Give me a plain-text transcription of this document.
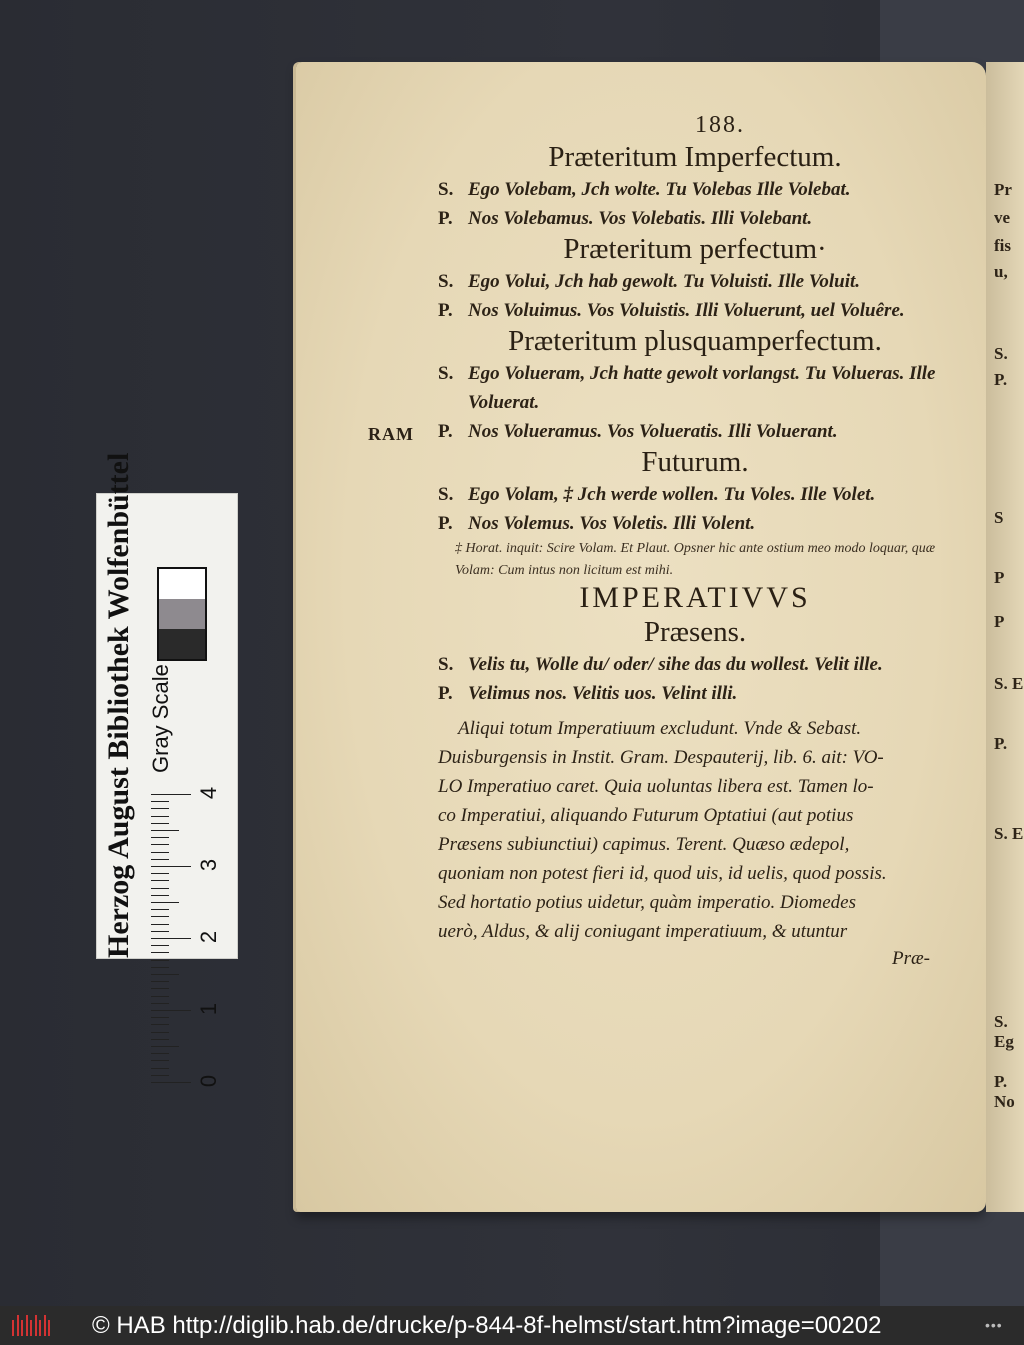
Pr
ve
fis
u,
S.
P.
S
P
P
S. E
P.
S. E
S. Eg
P. No
RAM
188.
Præteritum Imperfectum.
S. Ego Volebam, Jch wolte. Tu Volebas Ille Volebat.
P. Nos Volebamus. Vos Volebatis. Illi Volebant.
Præteritum perfectum·
S. Ego Volui, Jch hab gewolt. Tu Voluisti. Ille Voluit.
P. Nos Voluimus. Vos Voluistis. Illi Voluerunt, uel Voluêre.
Præteritum plusquamperfectum.
S. Ego Volueram, Jch hatte gewolt vorlangst. Tu Volueras. Ille Voluerat.
P. Nos Volueramus. Vos Volueratis. Illi Voluerant.
Futurum.
S. Ego Volam, ‡ Jch werde wollen. Tu Voles. Ille Volet.
P. Nos Volemus. Vos Voletis. Illi Volent.
‡ Horat. inquit: Scire Volam. Et Plaut. Opsner hic ante ostium meo modo loquar, quæ Volam: Cum intus non licitum est mihi.
IMPERATIVVS
Præsens.
S. Velis tu, Wolle du/ oder/ sihe das du wollest. Velit ille.
P. Velimus nos. Velitis uos. Velint illi.
Aliqui totum Imperatiuum excludunt. Vnde & Sebast.
Duisburgensis in Instit. Gram. Despauterij, lib. 6. ait: VO-
LO Imperatiuo caret. Quia uoluntas libera est. Tamen lo-
co Imperatiui, aliquando Futurum Optatiui (aut potius
Præsens subiunctiui) capimus. Terent. Quæso ædepol,
quoniam non potest fieri id, quod uis, id uelis, quod possis.
Sed hortatio potius uidetur, quàm imperatio. Diomedes
uerò, Aldus, & alij coniugant imperatiuum, & utuntur
Præ-
Herzog August Bibliothek Wolfenbüttel Gray Scale
0
1
2
3
4
© HAB http://diglib.hab.de/drucke/p-844-8f-helmst/start.htm?image=00202	•••
